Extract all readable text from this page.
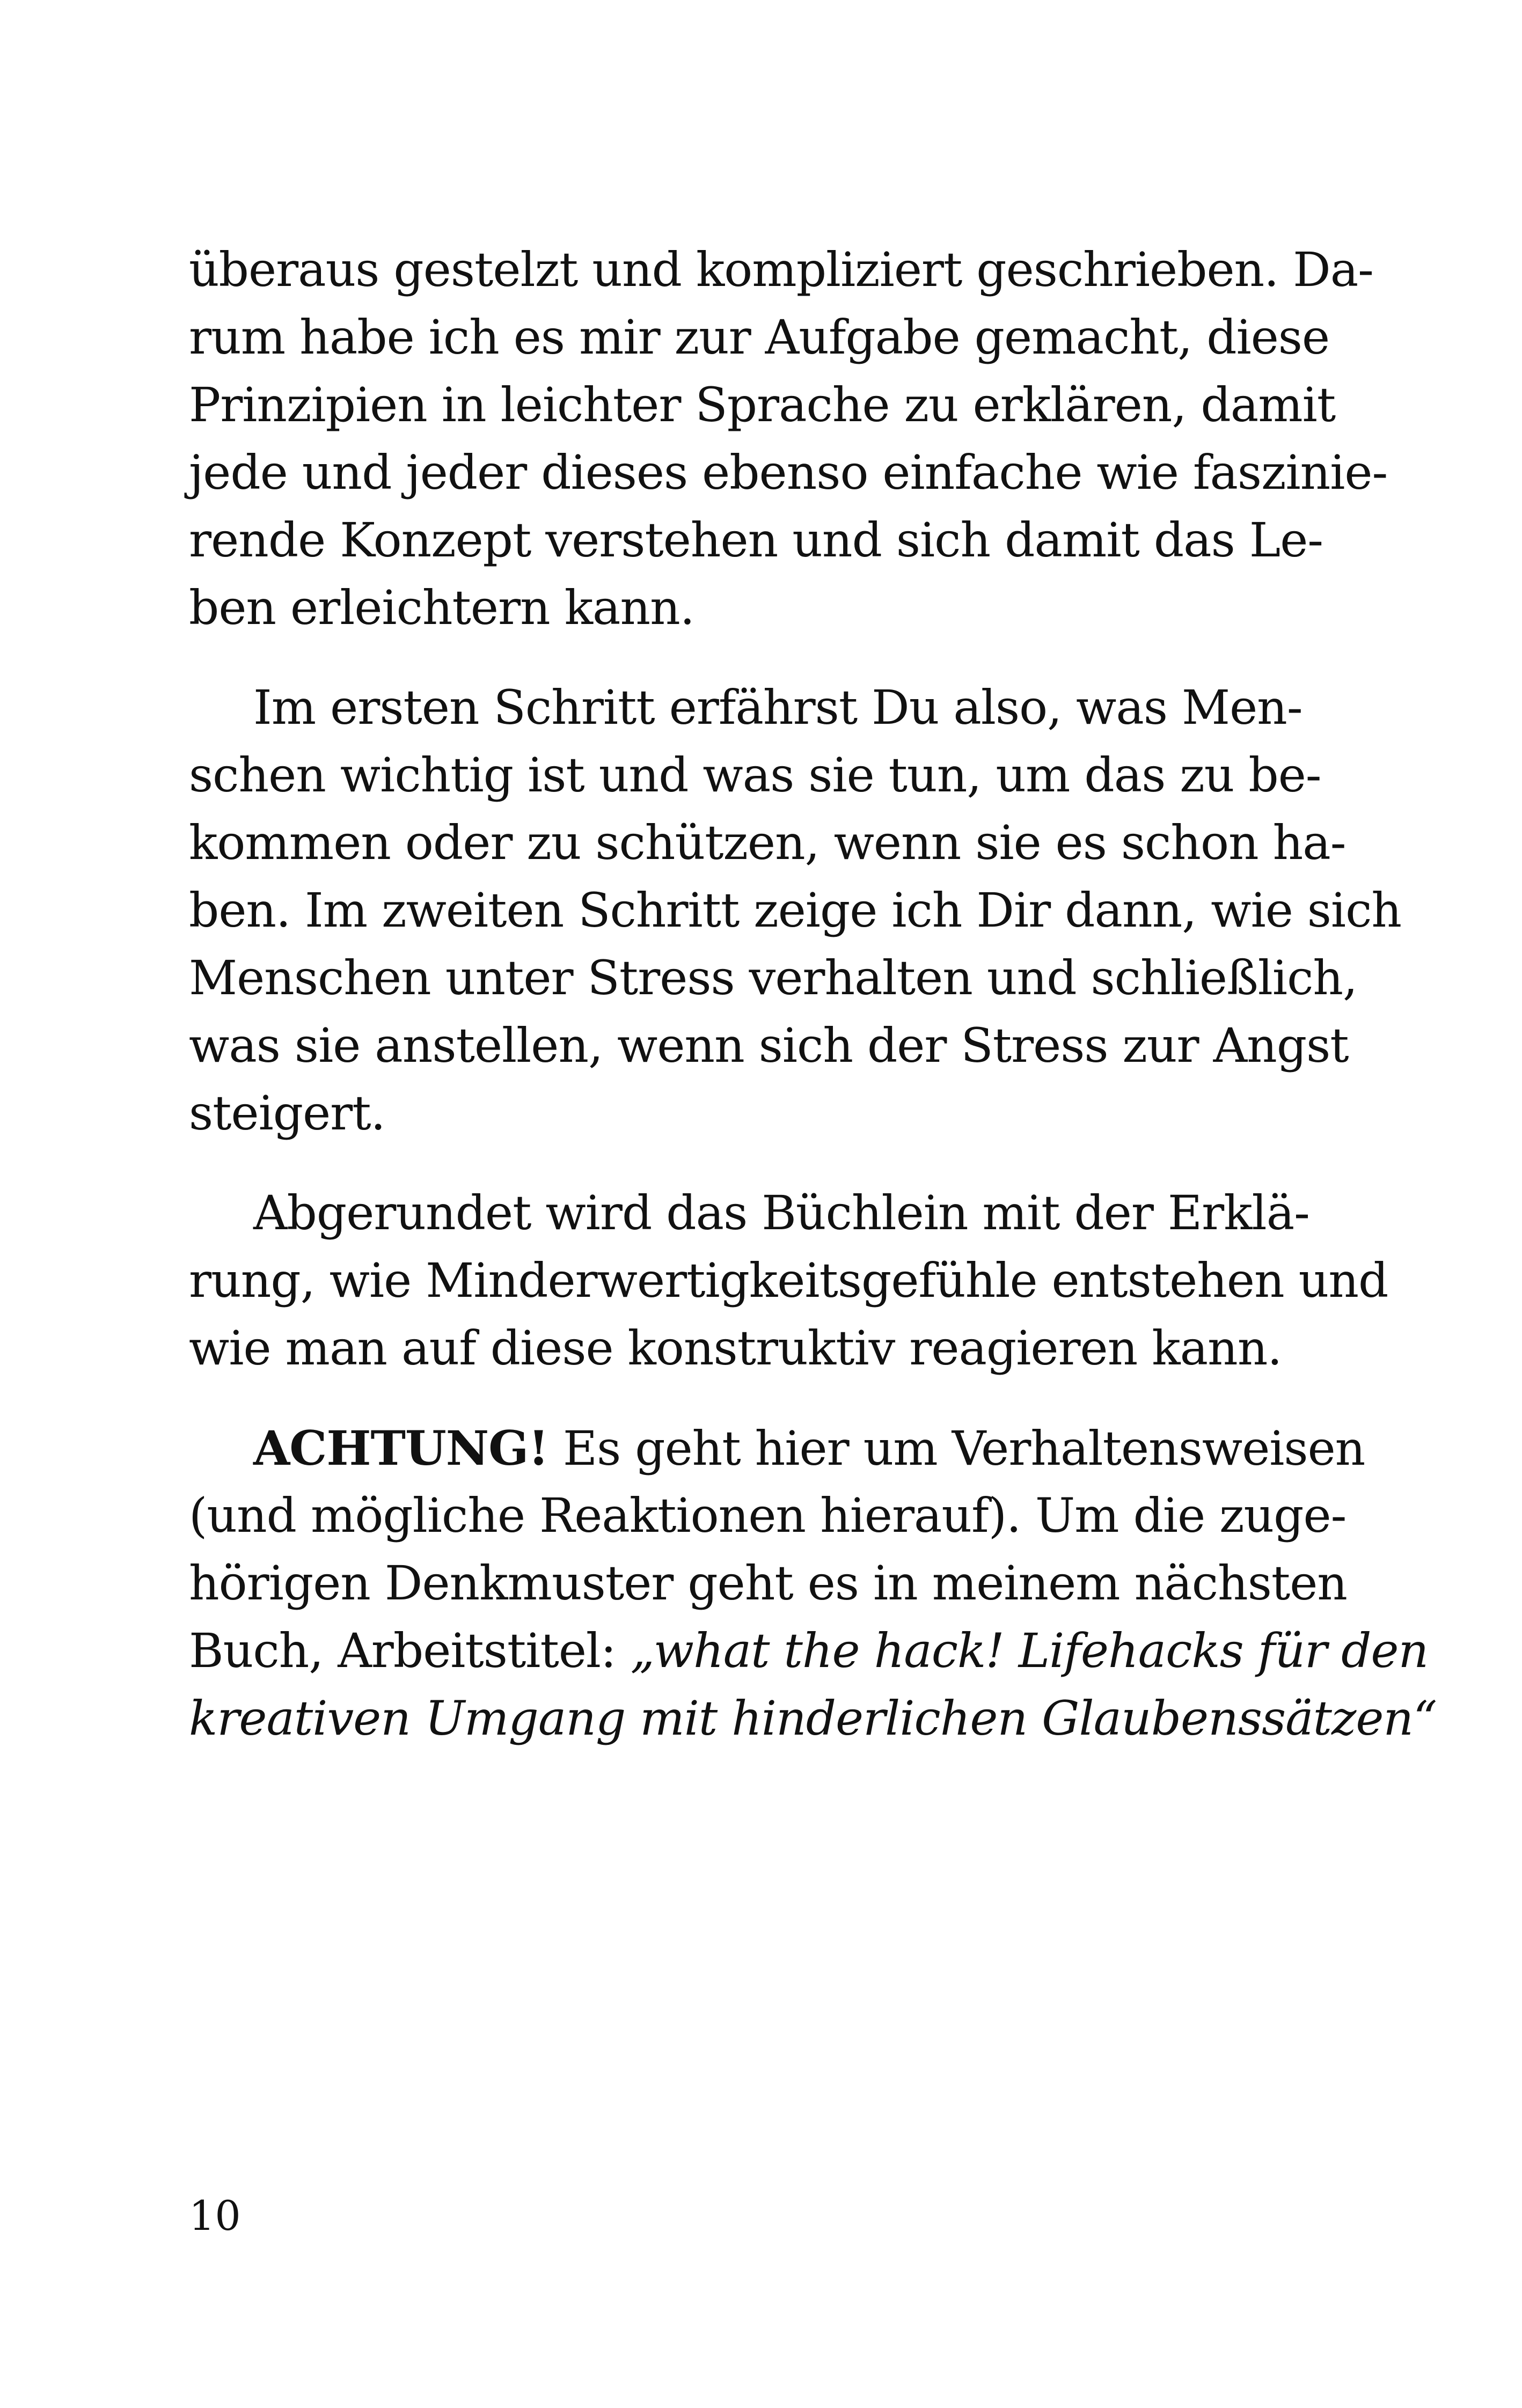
überaus gestelzt und kompliziert geschrieben. Da-
rum habe ich es mir zur Aufgabe gemacht, diese
Prinzipien in leichter Sprache zu erklären, damit
jede und jeder dieses ebenso einfache wie faszinie-
rende Konzept verstehen und sich damit das Le-
ben erleichtern kann.
Im ersten Schritt erfährst Du also, was Men-
schen wichtig ist und was sie tun, um das zu be-
kommen oder zu schützen, wenn sie es schon ha-
ben. Im zweiten Schritt zeige ich Dir dann, wie sich
Menschen unter Stress verhalten und schließlich,
was sie anstellen, wenn sich der Stress zur Angst
steigert.
Abgerundet wird das Büchlein mit der Erklä-
rung, wie Minderwertigkeitsgefühle entstehen und
wie man auf diese konstruktiv reagieren kann.
ACHTUNG! Es geht hier um Verhaltensweisen
(und mögliche Reaktionen hierauf). Um die zuge-
hörigen Denkmuster geht es in meinem nächsten
Buch, Arbeitstitel: „what the hack! Lifehacks für den
kreativen Umgang mit hinderlichen Glaubenssätzen“
10
